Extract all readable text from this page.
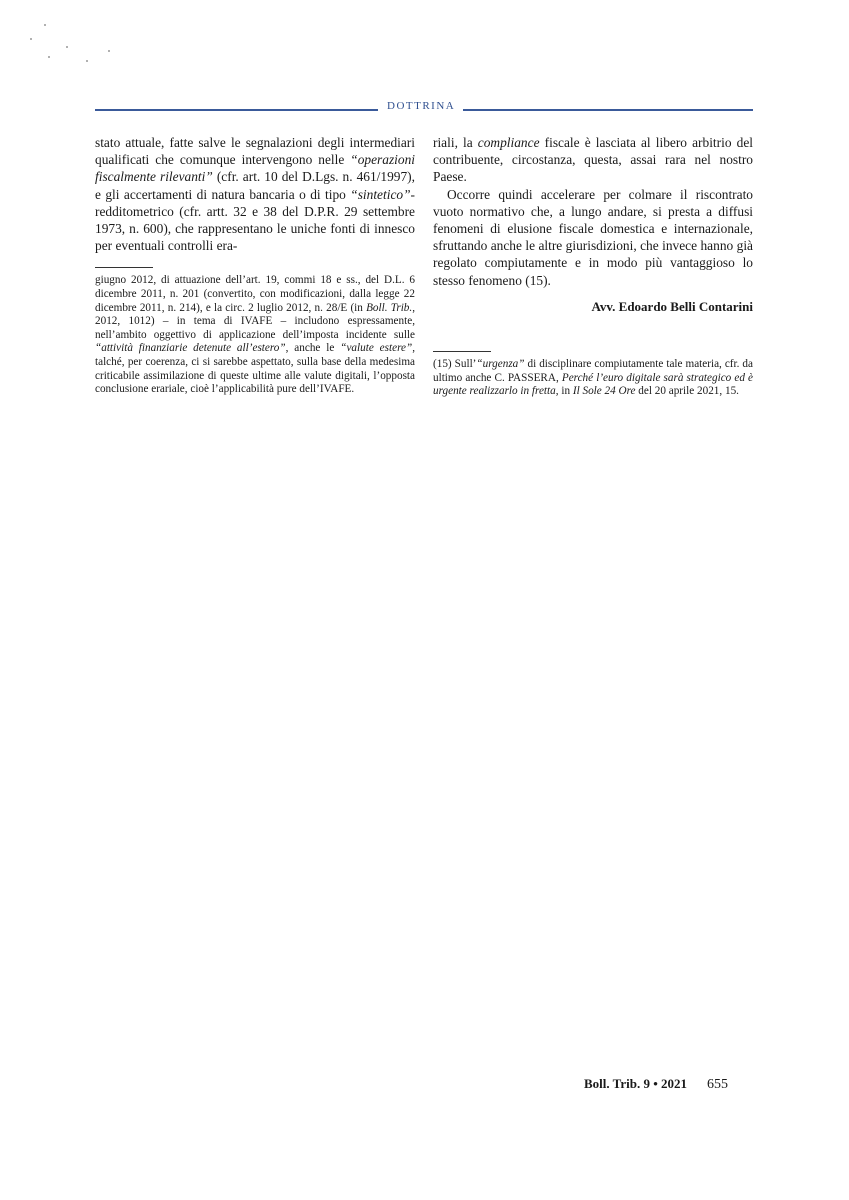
DOTTRINA

stato attuale, fatte salve le segnalazioni degli intermediari qualificati che comunque intervengono nelle “operazioni fiscalmente rilevanti” (cfr. art. 10 del D.Lgs. n. 461/1997), e gli accertamenti di natura bancaria o di tipo “sintetico”-redditometrico (cfr. artt. 32 e 38 del D.P.R. 29 settembre 1973, n. 600), che rappresentano le uniche fonti di innesco per eventuali controlli era-

giugno 2012, di attuazione dell’art. 19, commi 18 e ss., del D.L. 6 dicembre 2011, n. 201 (convertito, con modificazioni, dalla legge 22 dicembre 2011, n. 214), e la circ. 2 luglio 2012, n. 28/E (in Boll. Trib., 2012, 1012) – in tema di IVAFE – includono espressamente, nell’ambito oggettivo di applicazione dell’imposta incidente sulle “attività finanziarie detenute all’estero”, anche le “valute estere”, talché, per coerenza, ci si sarebbe aspettato, sulla base della medesima criticabile assimilazione di queste ultime alle valute digitali, l’opposta conclusione erariale, cioè l’applicabilità pure dell’IVAFE.

riali, la compliance fiscale è lasciata al libero arbitrio del contribuente, circostanza, questa, assai rara nel nostro Paese.

Occorre quindi accelerare per colmare il riscontrato vuoto normativo che, a lungo andare, si presta a diffusi fenomeni di elusione fiscale domestica e internazionale, sfruttando anche le altre giurisdizioni, che invece hanno già regolato compiutamente e in modo più vantaggioso lo stesso fenomeno (15).

Avv. Edoardo Belli Contarini

(15) Sull’“urgenza” di disciplinare compiutamente tale materia, cfr. da ultimo anche C. PASSERA, Perché l’euro digitale sarà strategico ed è urgente realizzarlo in fretta, in Il Sole 24 Ore del 20 aprile 2021, 15.

Boll. Trib. 9 • 2021 655
